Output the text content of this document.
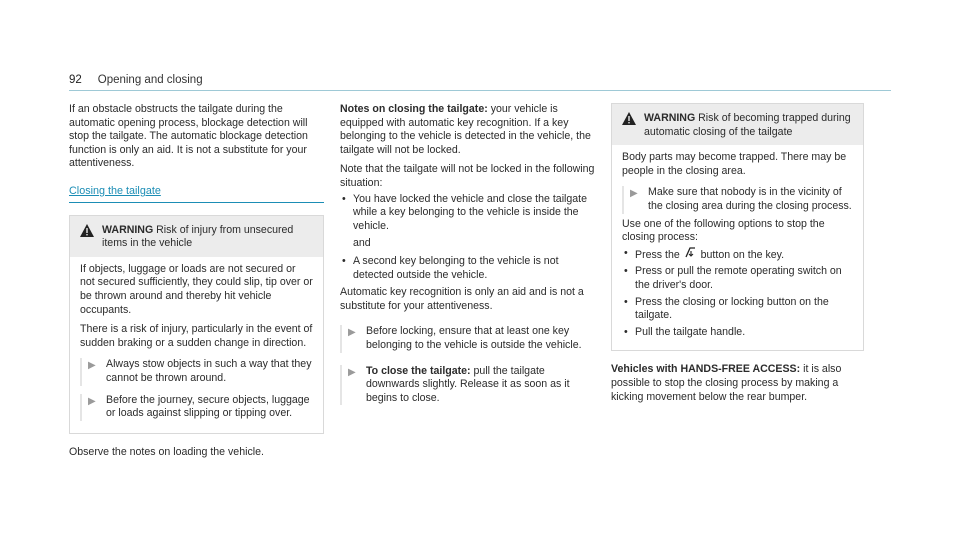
92 Opening and closing

If an obstacle obstructs the tailgate during the automatic opening process, blockage detection will stop the tailgate. The automatic blockage detection function is only an aid. It is not a substitute for your attentiveness.

Closing the tailgate
WARNING Risk of injury from unsecured items in the vehicle

If objects, luggage or loads are not secured or not secured sufficiently, they could slip, tip over or be thrown around and thereby hit vehicle occupants.

There is a risk of injury, particularly in the event of sudden braking or a sudden change in direction.

▶ Always stow objects in such a way that they cannot be thrown around.
▶ Before the journey, secure objects, luggage or loads against slipping or tipping over.

Observe the notes on loading the vehicle.

Notes on closing the tailgate: your vehicle is equipped with automatic key recognition. If a key belonging to the vehicle is detected in the vehicle, the tailgate will not be locked.

Note that the tailgate will not be locked in the following situation:

• You have locked the vehicle and close the tailgate while a key belonging to the vehicle is inside the vehicle.

and

• A second key belonging to the vehicle is not detected outside the vehicle.

Automatic key recognition is only an aid and is not a substitute for your attentiveness.

▶ Before locking, ensure that at least one key belonging to the vehicle is outside the vehicle.
▶ To close the tailgate: pull the tailgate downwards slightly. Release it as soon as it begins to close.
WARNING Risk of becoming trapped during automatic closing of the tailgate

Body parts may become trapped. There may be people in the closing area.

▶ Make sure that nobody is in the vicinity of the closing area during the closing process.

Use one of the following options to stop the closing process:

• Press the  button on the key.
• Press or pull the remote operating switch on the driver's door.
• Press the closing or locking button on the tailgate.
• Pull the tailgate handle.

Vehicles with HANDS-FREE ACCESS: it is also possible to stop the closing process by making a kicking movement below the rear bumper.
